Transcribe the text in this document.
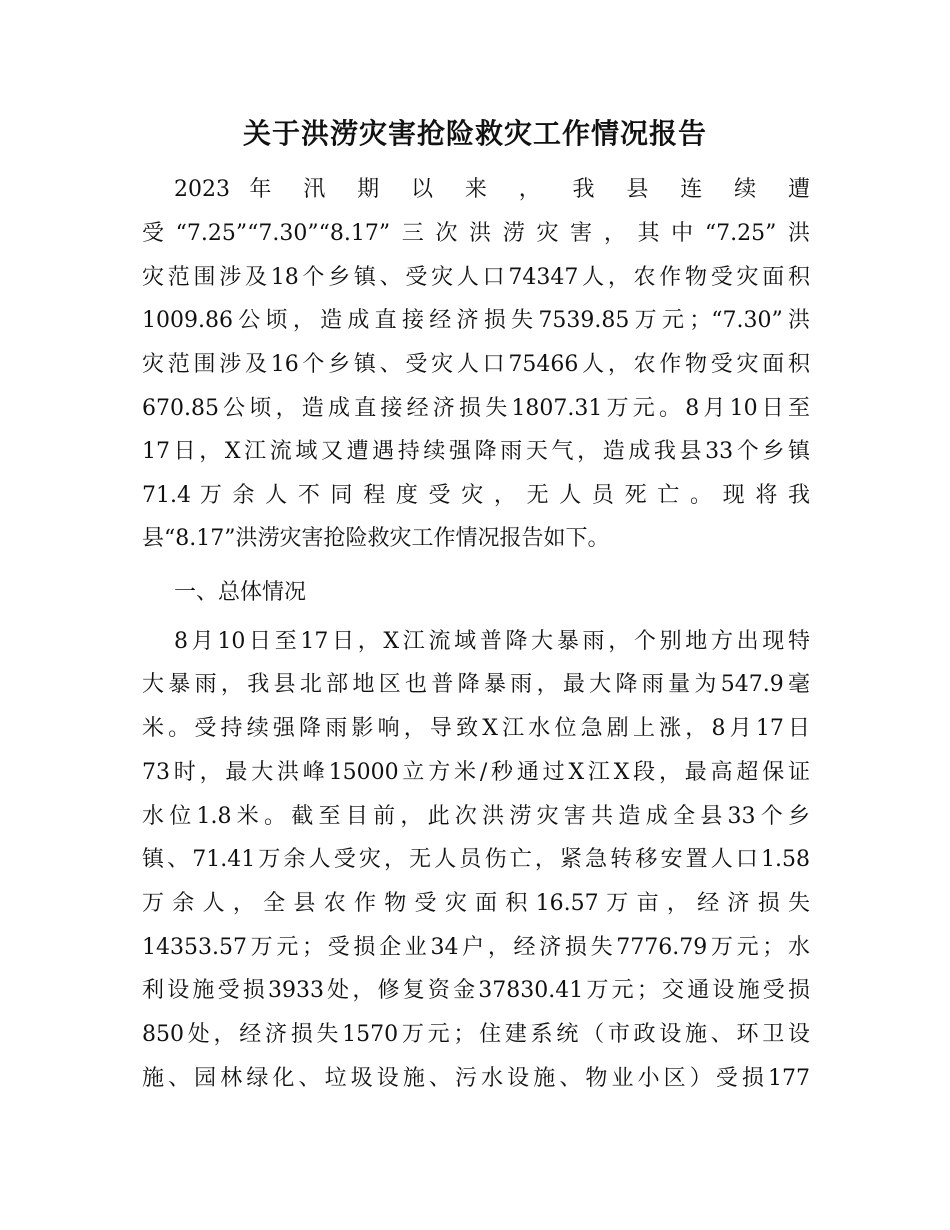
关于洪涝灾害抢险救灾工作情况报告
2023 年 汛 期 以 来 ， 我 县 连 续 遭
受“7.25”“7.30”“8.17”三次洪涝灾害，其中“7.25”洪
灾范围涉及18个乡镇、受灾人口74347人，农作物受灾面积
1009.86公顷，造成直接经济损失7539.85万元；“7.30”洪
灾范围涉及16个乡镇、受灾人口75466人，农作物受灾面积
670.85公顷，造成直接经济损失1807.31万元。8月10日至
17日，X江流域又遭遇持续强降雨天气，造成我县33个乡镇
71.4 万 余 人 不 同 程 度 受 灾 ， 无 人 员 死 亡 。 现 将 我
县“8.17”洪涝灾害抢险救灾工作情况报告如下。
一、总体情况
8月10日至17日，X江流域普降大暴雨，个别地方出现特
大暴雨，我县北部地区也普降暴雨，最大降雨量为547.9毫
米。受持续强降雨影响，导致X江水位急剧上涨，8月17日
73时，最大洪峰15000立方米/秒通过X江X段，最高超保证
水位1.8米。截至目前，此次洪涝灾害共造成全县33个乡
镇、71.41万余人受灾，无人员伤亡，紧急转移安置人口1.58
万 余 人 ， 全 县 农 作 物 受 灾 面 积 16.57 万 亩 ， 经 济 损 失
14353.57万元；受损企业34户，经济损失7776.79万元；水
利设施受损3933处，修复资金37830.41万元；交通设施受损
850处，经济损失1570万元；住建系统（市政设施、环卫设
施、园林绿化、垃圾设施、污水设施、物业小区）受损177
